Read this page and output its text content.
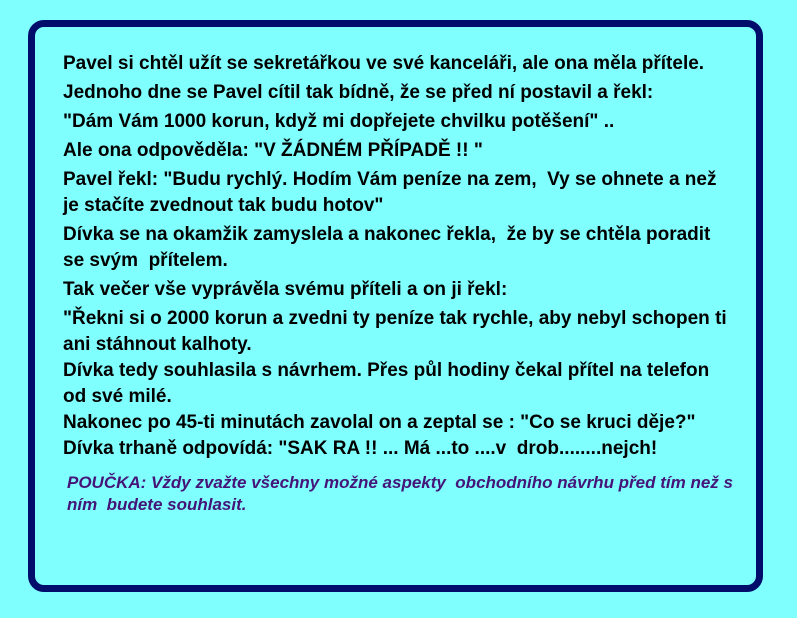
Pavel si chtěl užít se sekretářkou ve své kanceláři, ale ona měla přítele.

Jednoho dne se Pavel cítil tak bídně, že se před ní postavil a řekl:

"Dám Vám 1000 korun, když mi dopřejete chvilku potěšení" ..

Ale ona odpověděla: "V ŽÁDNÉM PŘÍPADĚ !! "

Pavel řekl: "Budu rychlý. Hodím Vám peníze na zem,  Vy se ohnete a než je stačíte zvednout tak budu hotov"

Dívka se na okamžik zamyslela a nakonec řekla,  že by se chtěla poradit se svým  přítelem.

Tak večer vše vyprávěla svému příteli a on ji řekl:

"Řekni si o 2000 korun a zvedni ty peníze tak rychle, aby nebyl schopen ti ani stáhnout kalhoty.

Dívka tedy souhlasila s návrhem. Přes půl hodiny čekal přítel na telefon od své milé.

Nakonec po 45-ti minutách zavolal on a zeptal se : "Co se kruci děje?"

Dívka trhaně odpovídá: "SAK RA !! ... Má ...to ....v  drob........nejch!

POUČKA: Vždy zvažte všechny možné aspekty  obchodního návrhu před tím než s ním  budete souhlasit.
